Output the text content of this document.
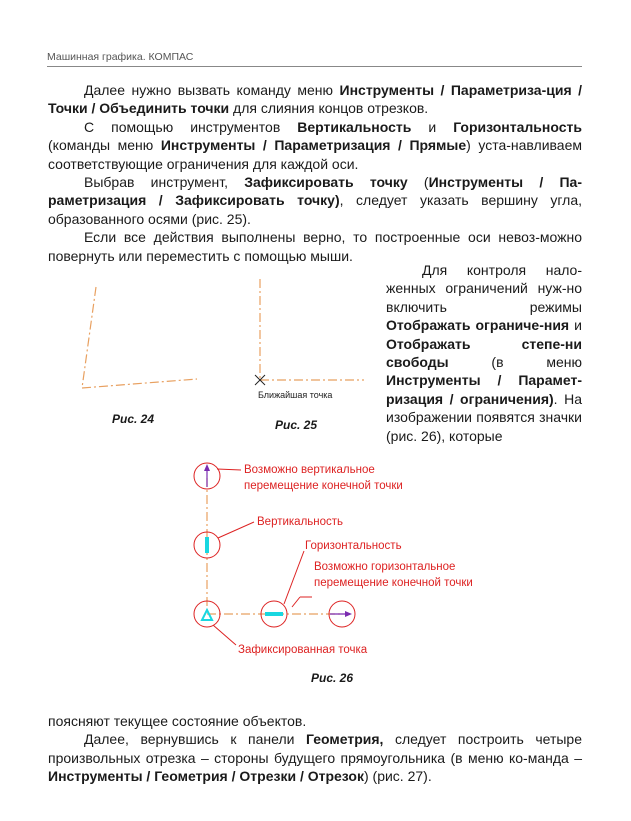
Машинная графика. КОМПАС

Далее нужно вызвать команду меню Инструменты / Параметриза-ция / Точки / Объединить точки для слияния концов отрезков.

С помощью инструментов Вертикальность и Горизонтальность (команды меню Инструменты / Параметризация / Прямые) уста-навливаем соответствующие ограничения для каждой оси.

Выбрав инструмент, Зафиксировать точку (Инструменты / Па-раметризация / Зафиксировать точку), следует указать вершину угла, образованного осями (рис. 25).

Если все действия выполнены верно, то построенные оси невоз-можно повернуть или переместить с помощью мыши.

Рис. 24
Ближайшая точка
Рис. 25

Для контроля нало-женных ограничений нуж-но включить режимы Отображать ограниче-ния и Отображать степе-ни свободы (в меню Инструменты / Парамет-ризация / ограничения). На изображении появятся значки (рис. 26), которые

Возможно вертикальное
перемещение конечной точки
Вертикальность
Горизонтальность
Возможно горизонтальное
перемещение конечной точки
Зафиксированная точка
Рис. 26

поясняют текущее состояние объектов.

Далее, вернувшись к панели Геометрия, следует построить четыре произвольных отрезка – стороны будущего прямоугольника (в меню ко-манда – Инструменты / Геометрия / Отрезки / Отрезок) (рис. 27).
